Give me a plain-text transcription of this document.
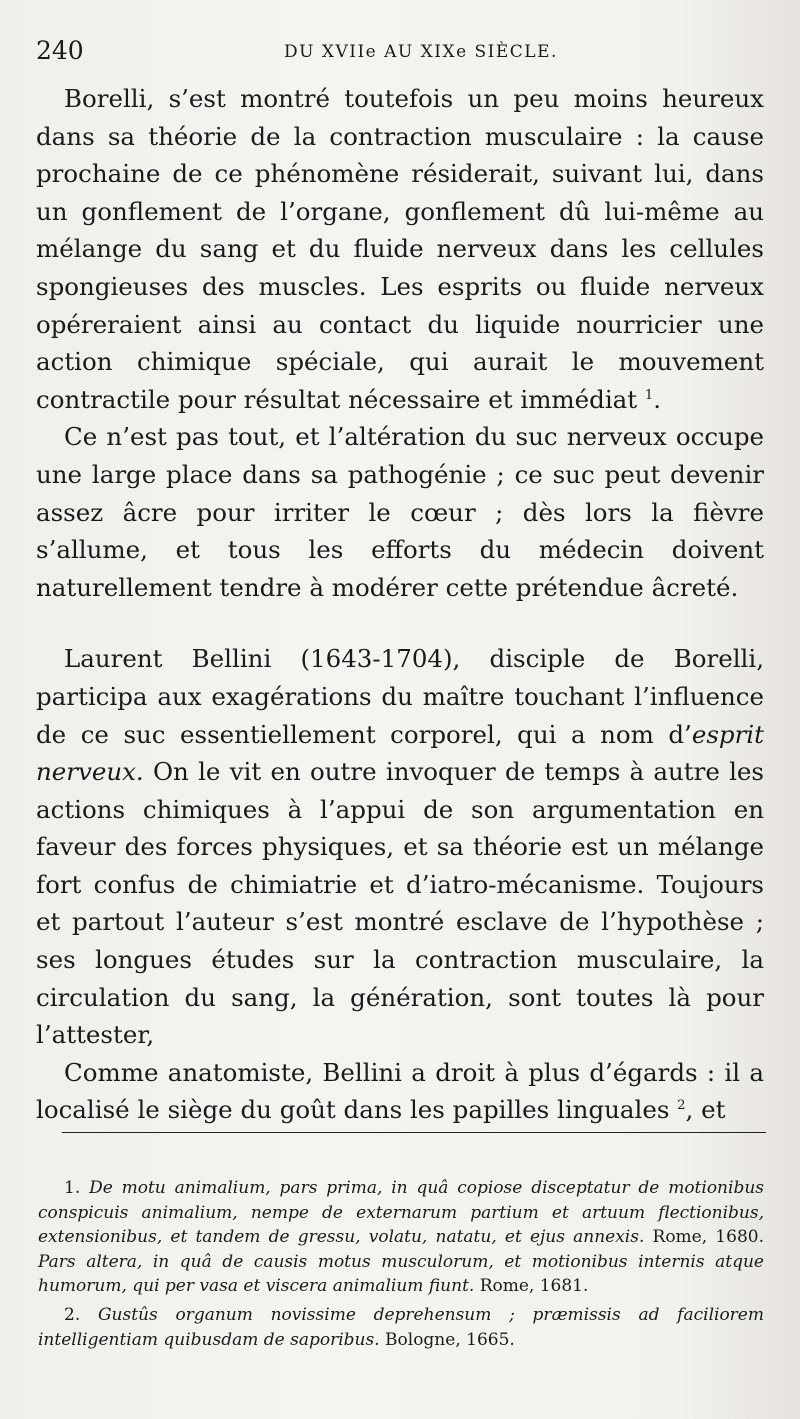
240	DU XVIIe AU XIXe SIÈCLE.

Borelli, s’est montré toutefois un peu moins heureux dans sa théorie de la contraction musculaire : la cause prochaine de ce phénomène résiderait, suivant lui, dans un gonflement de l’organe, gonflement dû lui-même au mélange du sang et du fluide nerveux dans les cellules spongieuses des muscles. Les esprits ou fluide nerveux opéreraient ainsi au contact du liquide nourricier une action chimique spéciale, qui aurait le mouvement contractile pour résultat nécessaire et immédiat $^1$.

Ce n’est pas tout, et l’altération du suc nerveux occupe une large place dans sa pathogénie ; ce suc peut devenir assez âcre pour irriter le cœur ; dès lors la fièvre s’allume, et tous les efforts du médecin doivent naturellement tendre à modérer cette prétendue âcreté.

Laurent Bellini (1643-1704), disciple de Borelli, participa aux exagérations du maître touchant l’influence de ce suc essentiellement corporel, qui a nom d’esprit nerveux. On le vit en outre invoquer de temps à autre les actions chimiques à l’appui de son argumentation en faveur des forces physiques, et sa théorie est un mélange fort confus de chimiatrie et d’iatro-mécanisme. Toujours et partout l’auteur s’est montré esclave de l’hypothèse ; ses longues études sur la contraction musculaire, la circulation du sang, la génération, sont toutes là pour l’attester,

Comme anatomiste, Bellini a droit à plus d’égards : il a localisé le siège du goût dans les papilles linguales $^2$, et

1. De motu animalium, pars prima, in quâ copiose disceptatur de motionibus conspicuis animalium, nempe de externarum partium et artuum flectionibus, extensionibus, et tandem de gressu, volatu, natatu, et ejus annexis. Rome, 1680. Pars altera, in quâ de causis motus musculorum, et motionibus internis atque humorum, qui per vasa et viscera animalium fiunt. Rome, 1681.

2. Gustûs organum novissime deprehensum ; præmissis ad faciliorem intelligentiam quibusdam de saporibus. Bologne, 1665.
